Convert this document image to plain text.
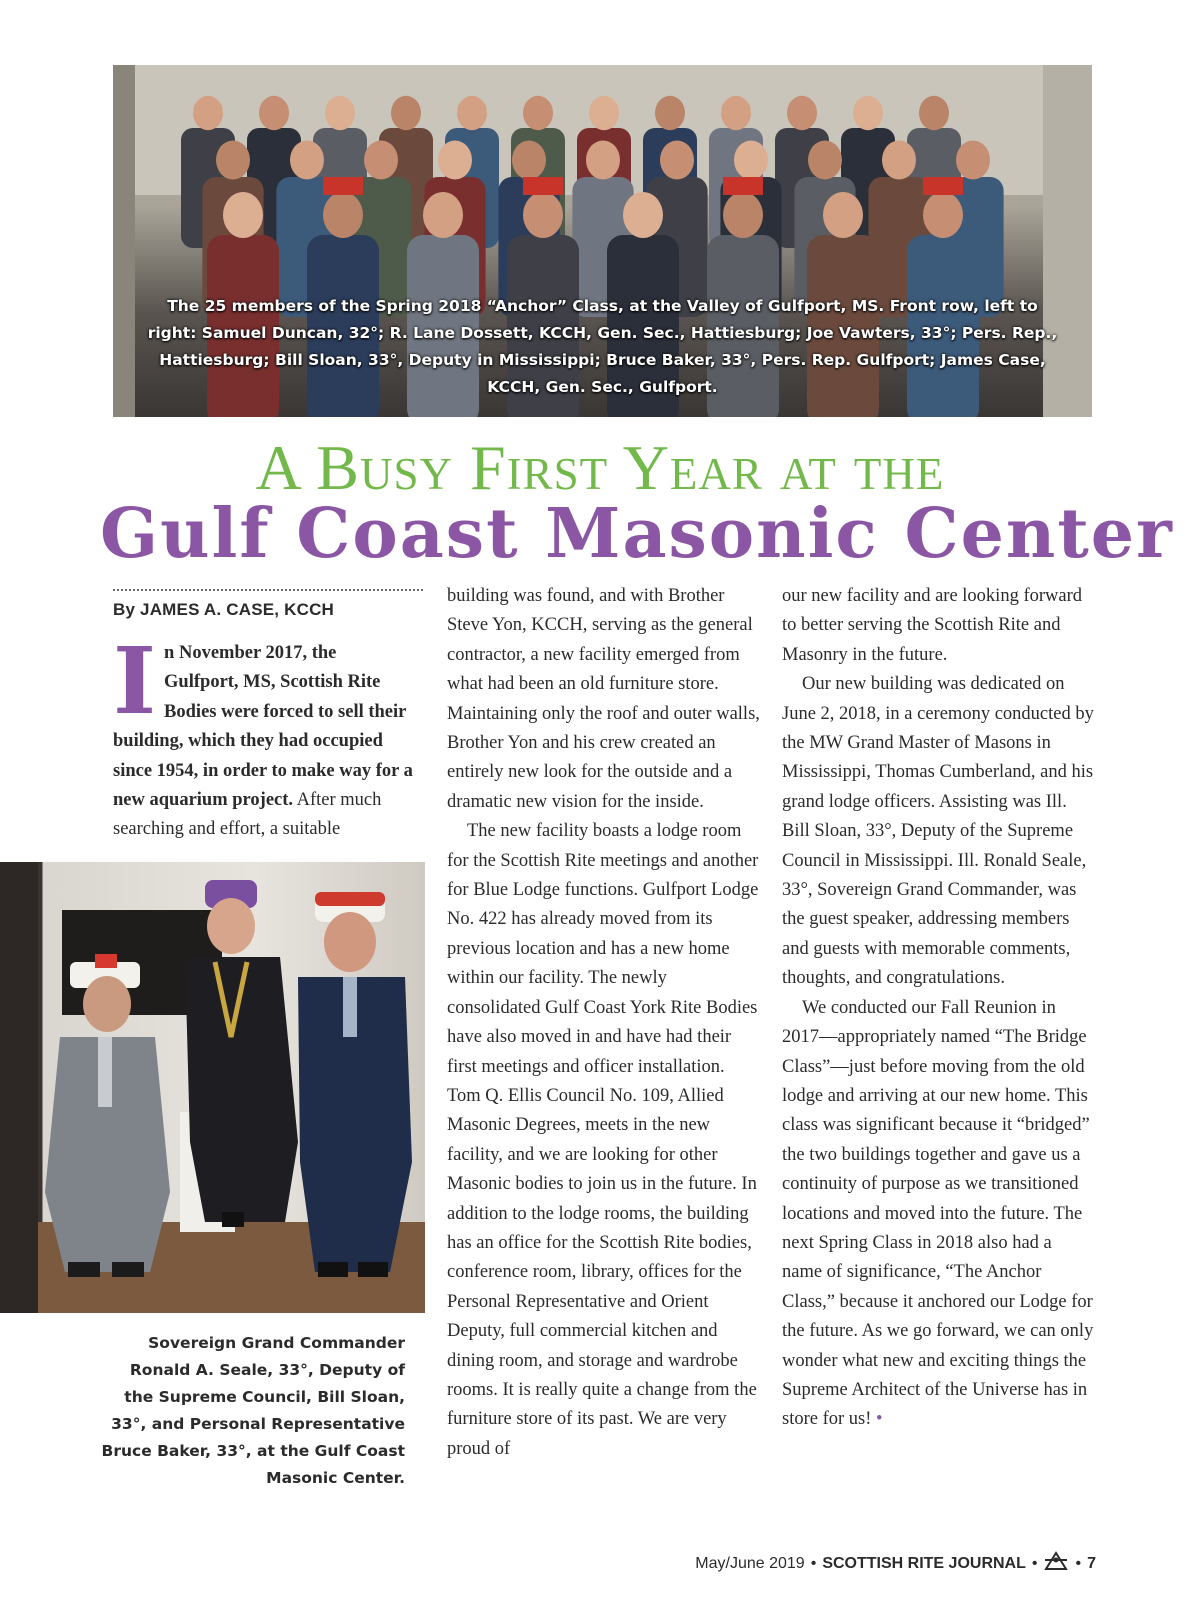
The 25 members of the Spring 2018 “Anchor” Class, at the Valley of Gulfport, MS. Front row, left to right: Samuel Duncan, 32°; R. Lane Dossett, KCCH, Gen. Sec., Hattiesburg; Joe Vawters, 33°; Pers. Rep., Hattiesburg; Bill Sloan, 33°, Deputy in Mississippi; Bruce Baker, 33°, Pers. Rep. Gulfport; James Case, KCCH, Gen. Sec., Gulfport.
A Busy First Year at the
Gulf Coast Masonic Center
By JAMES A. CASE, KCCH
I n November 2017, the Gulfport, MS, Scottish Rite Bodies were forced to sell their building, which they had occupied since 1954, in order to make way for a new aquarium project. After much searching and effort, a suitable
Sovereign Grand Commander Ronald A. Seale, 33°, Deputy of the Supreme Council, Bill Sloan, 33°, and Personal Representative Bruce Baker, 33°, at the Gulf Coast Masonic Center.

building was found, and with Brother Steve Yon, KCCH, serving as the general contractor, a new facility emerged from what had been an old furniture store. Maintaining only the roof and outer walls, Brother Yon and his crew created an entirely new look for the outside and a dramatic new vision for the inside.

The new facility boasts a lodge room for the Scottish Rite meetings and another for Blue Lodge functions. Gulfport Lodge No. 422 has already moved from its previous location and has a new home within our facility. The newly consolidated Gulf Coast York Rite Bodies have also moved in and have had their first meetings and officer installation. Tom Q. Ellis Council No. 109, Allied Masonic Degrees, meets in the new facility, and we are looking for other Masonic bodies to join us in the future. In addition to the lodge rooms, the building has an office for the Scottish Rite bodies, conference room, library, offices for the Personal Representative and Orient Deputy, full commercial kitchen and dining room, and storage and wardrobe rooms. It is really quite a change from the furniture store of its past. We are very proud of

our new facility and are looking forward to better serving the Scottish Rite and Masonry in the future.

Our new building was dedicated on June 2, 2018, in a ceremony conducted by the MW Grand Master of Masons in Mississippi, Thomas Cumberland, and his grand lodge officers. Assisting was Ill. Bill Sloan, 33°, Deputy of the Supreme Council in Mississippi. Ill. Ronald Seale, 33°, Sovereign Grand Commander, was the guest speaker, addressing members and guests with memorable comments, thoughts, and congratulations.

We conducted our Fall Reunion in 2017—appropriately named “The Bridge Class”—just before moving from the old lodge and arriving at our new home. This class was significant because it “bridged” the two buildings together and gave us a continuity of purpose as we transitioned locations and moved into the future. The next Spring Class in 2018 also had a name of significance, “The Anchor Class,” because it anchored our Lodge for the future. As we go forward, we can only wonder what new and exciting things the Supreme Architect of the Universe has in store for us! •

May/June 2019 • SCOTTISH RITE JOURNAL • • 7
